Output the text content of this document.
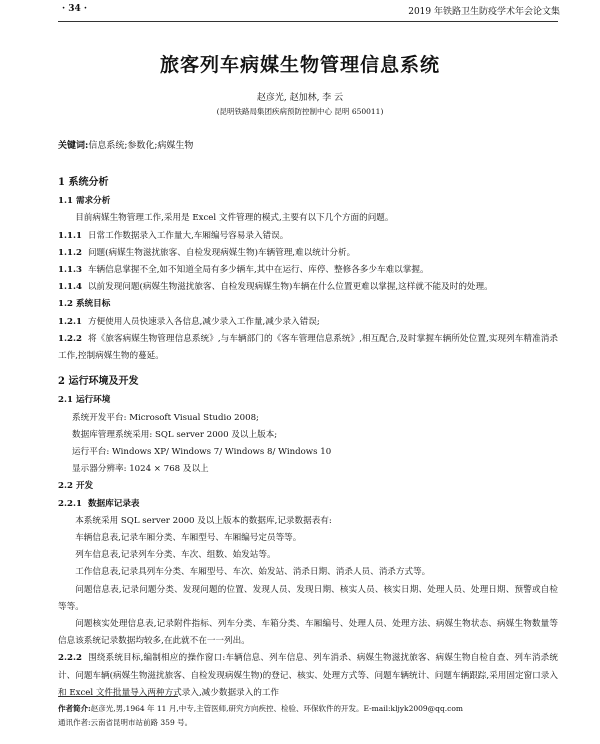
· 34 ·	2019 年铁路卫生防疫学术年会论文集
旅客列车病媒生物管理信息系统
赵彦光, 赵加林, 李 云
(昆明铁路局集团疾病预防控制中心 昆明 650011)
关键词:信息系统;参数化;病媒生物
1 系统分析
1.1 需求分析

目前病媒生物管理工作,采用是 Excel 文件管理的模式,主要有以下几个方面的问题。

1.1.1 日常工作数据录入工作量大,车厢编号容易录入错误。

1.1.2 问题(病媒生物滋扰旅客、自检发现病媒生物)车辆管理,难以统计分析。

1.1.3 车辆信息掌握不全,如不知道全局有多少辆车,其中在运行、库停、整修各多少车难以掌握。

1.1.4 以前发现问题(病媒生物滋扰旅客、自检发现病媒生物)车辆在什么位置更难以掌握,这样就不能及时的处理。

1.2 系统目标

1.2.1 方便使用人员快速录入各信息,减少录入工作量,减少录入错误;

1.2.2 将《旅客病媒生物管理信息系统》,与车辆部门的《客车管理信息系统》,相互配合,及时掌握车辆所处位置,实现列车精准消杀工作,控制病媒生物的蔓延。

2 运行环境及开发
2.1 运行环境

系统开发平台: Microsoft Visual Studio 2008;

数据库管理系统采用: SQL server 2000 及以上版本;

运行平台: Windows XP/ Windows 7/ Windows 8/ Windows 10

显示器分辨率: 1024 × 768 及以上

2.2 开发
2.2.1 数据库记录表

本系统采用 SQL server 2000 及以上版本的数据库,记录数据表有:

车辆信息表,记录车厢分类、车厢型号、车厢编号定员等等。

列车信息表,记录列车分类、车次、组数、始发站等。

工作信息表,记录具列车分类、车厢型号、车次、始发站、消杀日期、消杀人员、消杀方式等。

问题信息表,记录问题分类、发现问题的位置、发现人员、发现日期、核实人员、核实日期、处理人员、处理日期、预警或自检等等。

问题核实处理信息表,记录附件指标、列车分类、车箱分类、车厢编号、处理人员、处理方法、病媒生物状态、病媒生物数量等信息该系统记录数据均较多,在此就不在一一列出。

2.2.2 围绕系统目标,编制相应的操作窗口:车辆信息、列车信息、列车消杀、病媒生物滋扰旅客、病媒生物自检自查、列车消杀统计、问题车辆(病媒生物滋扰旅客、自检发现病媒生物)的登记、核实、处理方式等、问题车辆统计、问题车辆跟踪,采用固定窗口录入和 Excel 文件批量导入两种方式录入,减少数据录入的工作

作者简介:赵彦光,男,1964 年 11 月,中专,主管医师,研究方向疾控、检验、环保软件的开发。E-mail:kljyk2009@qq.com
通讯作者:云南省昆明市站前路 359 号。
